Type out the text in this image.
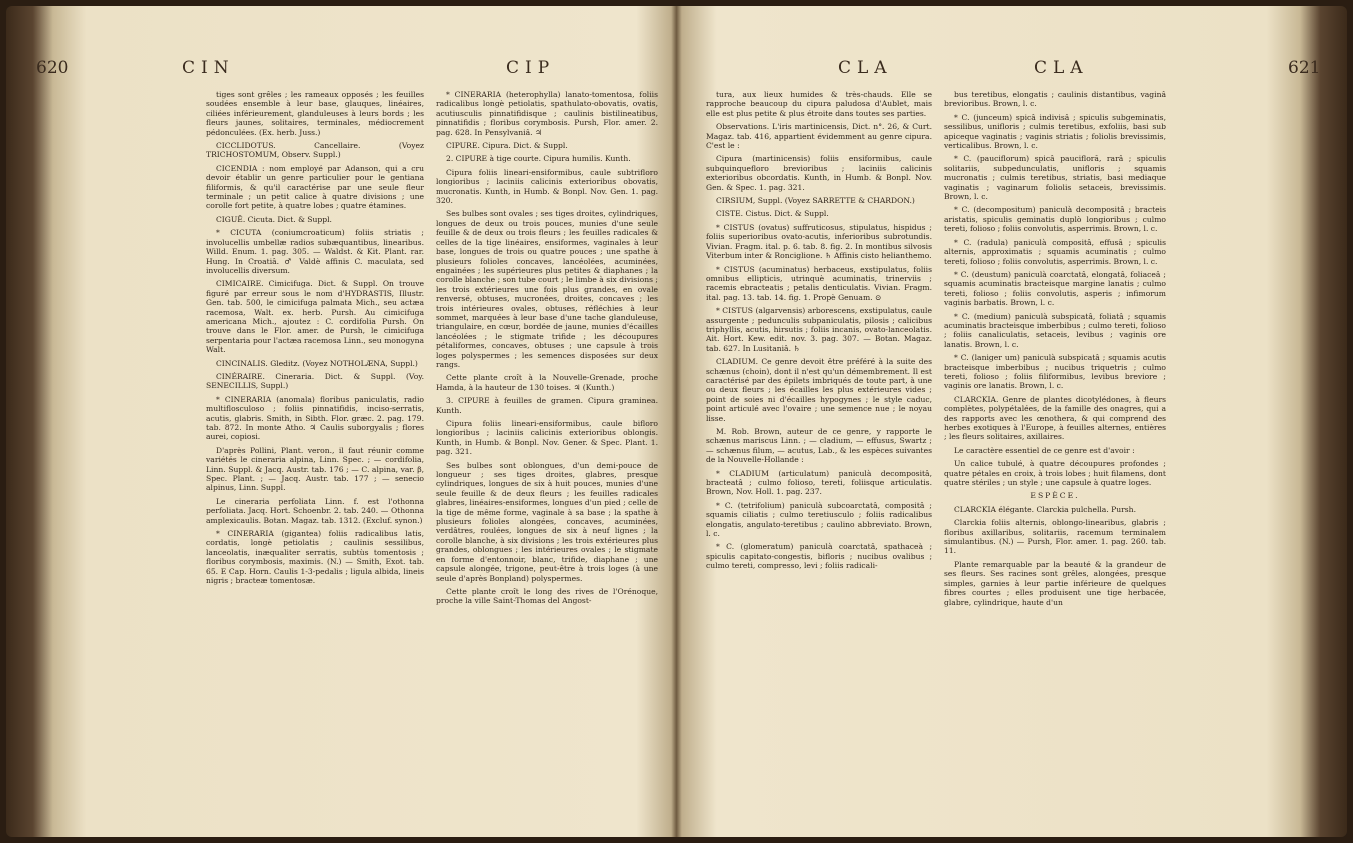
620	CIN	CIP

tiges sont grêles ; les rameaux opposés ; les feuilles soudées ensemble à leur base, glauques, linéaires, ciliées inférieurement, glanduleuses à leurs bords ; les fleurs jaunes, solitaires, terminales, médiocrement pédonculées. (Ex. herb. Juss.)

CICCLIDOTUS. Cancellaire. (Voyez TRICHOSTOMUM, Observ. Suppl.)

CICENDIA : nom employé par Adanson, qui a cru devoir établir un genre particulier pour le gentiana filiformis, & qu'il caractérise par une seule fleur terminale ; un petit calice à quatre divisions ; une corolle fort petite, à quatre lobes ; quatre étamines.

CIGUË. Cicuta. Dict. & Suppl.

* CICUTA (coniumcroaticum) foliis striatis ; involucellis umbellæ radios subæquantibus, linearibus. Willd. Enum. 1. pag. 305. — Waldst. & Kit. Plant. rar. Hung. In Croatiâ. ♂ Valdè affinis C. maculata, sed involucellis diversum.

CIMICAIRE. Cimicifuga. Dict. & Suppl. On trouve figuré par erreur sous le nom d'HYDRASTIS, Illustr. Gen. tab. 500, le cimicifuga palmata Mich., seu actæa racemosa, Walt. ex. herb. Pursh. Au cimicifuga americana Mich., ajoutez : C. cordifolia Pursh. On trouve dans le Flor. amer. de Pursh, le cimicifuga serpentaria pour l'actæa racemosa Linn., seu monogyna Walt.

CINCINALIS. Gleditz. (Voyez NOTHOLÆNA, Suppl.)

CINÉRAIRE. Cineraria. Dict. & Suppl. (Voy. SENECILLIS, Suppl.)

* CINERARIA (anomala) floribus paniculatis, radio multiflosculoso ; foliis pinnatifidis, inciso-serratis, acutis, glabris. Smith, in Sibth. Flor. græc. 2. pag. 179. tab. 872. In monte Atho. ♃ Caulis suborgyalis ; flores aurei, copiosi.

D'après Pollini, Plant. veron., il faut réunir comme variétés le cineraria alpina, Linn. Spec. ; — cordifolia, Linn. Suppl. & Jacq. Austr. tab. 176 ; — C. alpina, var. β, Spec. Plant. ; — Jacq. Austr. tab. 177 ; — senecio alpinus, Linn. Suppl.

Le cineraria perfoliata Linn. f. est l'othonna perfoliata. Jacq. Hort. Schoenbr. 2. tab. 240. — Othonna amplexicaulis. Botan. Magaz. tab. 1312. (Excluf. synon.)

* CINERARIA (gigantea) foliis radicalibus latis, cordatis, longè petiolatis ; caulinis sessilibus, lanceolatis, inæqualiter serratis, subtùs tomentosis ; floribus corymbosis, maximis. (N.) — Smith, Exot. tab. 65. E Cap. Horn. Caulis 1-3-pedalis ; ligula albida, lineis nigris ; bracteæ tomentosæ.

* CINERARIA (heterophylla) lanato-tomentosa, foliis radicalibus longè petiolatis, spathulato-obovatis, ovatis, acutiusculis pinnatifidisque ; caulinis bistilineatibus, pinnatifidis ; floribus corymbosis. Pursh, Flor. amer. 2. pag. 628. In Pensylvaniâ. ♃

CIPURE. Cipura. Dict. & Suppl.

2. CIPURE à tige courte. Cipura humilis. Kunth.

Cipura foliis lineari-ensiformibus, caule subtrifloro longioribus ; laciniis calicinis exterioribus obovatis, mucronatis. Kunth, in Humb. & Bonpl. Nov. Gen. 1. pag. 320.

Ses bulbes sont ovales ; ses tiges droites, cylindriques, longues de deux ou trois pouces, munies d'une seule feuille & de deux ou trois fleurs ; les feuilles radicales & celles de la tige linéaires, ensiformes, vaginales à leur base, longues de trois ou quatre pouces ; une spathe à plusieurs folioles concaves, lancéolées, acuminées, engainées ; les supérieures plus petites & diaphanes ; la corolle blanche ; son tube court ; le limbe à six divisions ; les trois extérieures une fois plus grandes, en ovale renversé, obtuses, mucronées, droites, concaves ; les trois intérieures ovales, obtuses, réfléchies à leur sommet, marquées à leur base d'une tache glanduleuse, triangulaire, en cœur, bordée de jaune, munies d'écailles lancéolées ; le stigmate trifide ; les découpures pétaliformes, concaves, obtuses ; une capsule à trois loges polyspermes ; les semences disposées sur deux rangs.

Cette plante croît à la Nouvelle-Grenade, proche Hamda, à la hauteur de 130 toises. ♃ (Kunth.)

3. CIPURE à feuilles de gramen. Cipura graminea. Kunth.

Cipura foliis lineari-ensiformibus, caule bifloro longioribus ; laciniis calicinis exterioribus oblongis. Kunth, in Humb. & Bonpl. Nov. Gener. & Spec. Plant. 1. pag. 321.

Ses bulbes sont oblongues, d'un demi-pouce de longueur ; ses tiges droites, glabres, presque cylindriques, longues de six à huit pouces, munies d'une seule feuille & de deux fleurs ; les feuilles radicales glabres, linéaires-ensiformes, longues d'un pied ; celle de la tige de même forme, vaginale à sa base ; la spathe à plusieurs folioles alongées, concaves, acuminées, verdâtres, roulées, longues de six à neuf lignes ; la corolle blanche, à six divisions ; les trois extérieures plus grandes, oblongues ; les intérieures ovales ; le stigmate en forme d'entonnoir, blanc, trifide, diaphane ; une capsule alongée, trigone, peut-être à trois loges (à une seule d'après Bonpland) polyspermes.

Cette plante croît le long des rives de l'Orénoque, proche la ville Saint-Thomas del Angost-

621
CLA	CLA

tura, aux lieux humides & très-chauds. Elle se rapproche beaucoup du cipura paludosa d'Aublet, mais elle est plus petite & plus étroite dans toutes ses parties.

Observations. L'iris martinicensis, Dict. n°. 26, & Curt. Magaz. tab. 416, appartient évidemment au genre cipura. C'est le :

Cipura (martinicensis) foliis ensiformibus, caule subquinquefloro brevioribus ; laciniis calicinis exterioribus obcordatis. Kunth, in Humb. & Bonpl. Nov. Gen. & Spec. 1. pag. 321.

CIRSIUM, Suppl. (Voyez SARRETTE & CHARDON.)

CISTE. Cistus. Dict. & Suppl.

* CISTUS (ovatus) suffruticosus, stipulatus, hispidus ; foliis superioribus ovato-acutis, inferioribus subrotundis. Vivian. Fragm. ital. p. 6. tab. 8. fig. 2. In montibus silvosis Viterbum inter & Ronciglione. ♄ Affinis cisto helianthemo.

* CISTUS (acuminatus) herbaceus, exstipulatus, foliis omnibus ellipticis, utrinquè acuminatis, trinerviis ; racemis ebracteatis ; petalis denticulatis. Vivian. Fragm. ital. pag. 13. tab. 14. fig. 1. Propè Genuam. ⊙

* CISTUS (algarvensis) arborescens, exstipulatus, caule assurgente ; pedunculis subpaniculatis, pilosis ; calicibus triphyllis, acutis, hirsutis ; foliis incanis, ovato-lanceolatis. Ait. Hort. Kew. edit. nov. 3. pag. 307. — Botan. Magaz. tab. 627. In Lusitaniâ. ♄

CLADIUM. Ce genre devoit être préféré à la suite des schænus (choin), dont il n'est qu'un démembrement. Il est caractérisé par des épilets imbriqués de toute part, à une ou deux fleurs ; les écailles les plus extérieures vides ; point de soies ni d'écailles hypogynes ; le style caduc, point articulé avec l'ovaire ; une semence nue ; le noyau lisse.

M. Rob. Brown, auteur de ce genre, y rapporte le schænus mariscus Linn. ; — cladium, — effusus, Swartz ; — schænus filum, — acutus, Lab., & les espèces suivantes de la Nouvelle-Hollande :

* CLADIUM (articulatum) paniculà decompositâ, bracteatâ ; culmo folioso, tereti, foliisque articulatis. Brown, Nov. Holl. 1. pag. 237.

* C. (tetrifolium) paniculà subcoarctatâ, compositâ ; squamis ciliatis ; culmo teretiusculo ; foliis radicalibus elongatis, angulato-teretibus ; caulino abbreviato. Brown, l. c.

* C. (glomeratum) paniculà coarctatâ, spathaceà ; spiculis capitato-congestis, bifloris ; nucibus ovalibus ; culmo tereti, compresso, levi ; foliis radicali-

bus teretibus, elongatis ; caulinis distantibus, vaginâ brevioribus. Brown, l. c.

* C. (junceum) spicâ indivisâ ; spiculis subgeminatis, sessilibus, unifloris ; culmis teretibus, exfoliis, basi sub apiceque vaginatis ; vaginis striatis ; foliolis brevissimis, verticalibus. Brown, l. c.

* C. (pauciflorum) spicâ paucifloră, rarâ ; spiculis solitariis, subpedunculatis, unifloris ; squamis mucronatis ; culmis teretibus, striatis, basi mediaque vaginatis ; vaginarum foliolis setaceis, brevissimis. Brown, l. c.

* C. (decompositum) paniculà decompositâ ; bracteis aristatis, spiculis geminatis duplò longioribus ; culmo tereti, folioso ; foliis convolutis, asperrimis. Brown, l. c.

* C. (radula) paniculà compositâ, effusâ ; spiculis alternis, approximatis ; squamis acuminatis ; culmo tereti, folioso ; foliis convolutis, asperrimis. Brown, l. c.

* C. (deustum) paniculà coarctatâ, elongatâ, foliaceâ ; squamis acuminatis bracteisque margine lanatis ; culmo tereti, folioso ; foliis convolutis, asperis ; infimorum vaginis barbatis. Brown, l. c.

* C. (medium) paniculà subspicatâ, foliatâ ; squamis acuminatis bracteisque imberbibus ; culmo tereti, folioso ; foliis canaliculatis, setaceis, levibus ; vaginis ore lanatis. Brown, l. c.

* C. (laniger um) paniculà subspicatâ ; squamis acutis bracteisque imberbibus ; nucibus triquetris ; culmo tereti, folioso ; foliis filiformibus, levibus breviore ; vaginis ore lanatis. Brown, l. c.

CLARCKIA. Genre de plantes dicotylédones, à fleurs complètes, polypétalées, de la famille des onagres, qui a des rapports avec les œnothera, & qui comprend des herbes exotiques à l'Europe, à feuilles alternes, entières ; les fleurs solitaires, axillaires.

Le caractère essentiel de ce genre est d'avoir :

Un calice tubulé, à quatre découpures profondes ; quatre pétales en croix, à trois lobes ; huit filamens, dont quatre stériles ; un style ; une capsule à quatre loges.

ESPÈCE.

CLARCKIA élégante. Clarckia pulchella. Pursh.

Clarckia foliis alternis, oblongo-linearibus, glabris ; floribus axillaribus, solitariis, racemum terminalem simulantibus. (N.) — Pursh, Flor. amer. 1. pag. 260. tab. 11.

Plante remarquable par la beauté & la grandeur de ses fleurs. Ses racines sont grêles, alongées, presque simples, garnies à leur partie inférieure de quelques fibres courtes ; elles produisent une tige herbacée, glabre, cylindrique, haute d'un
